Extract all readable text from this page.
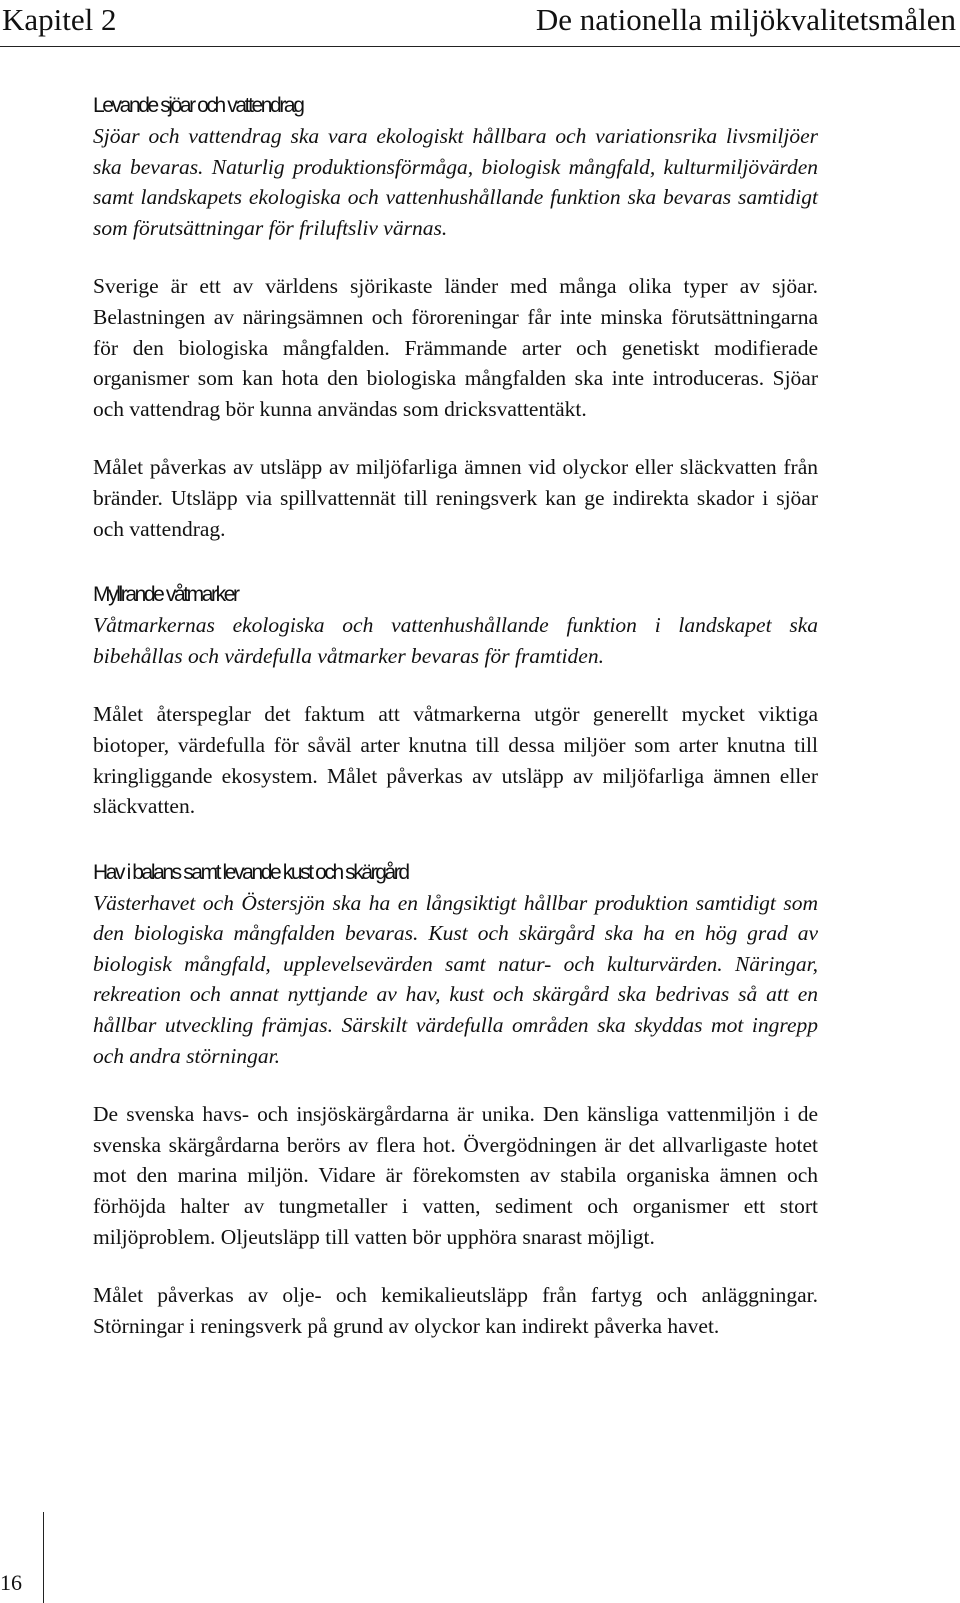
Kapitel 2	De nationella miljökvalitetsmålen
Levande sjöar och vattendrag

Sjöar och vattendrag ska vara ekologiskt hållbara och variationsrika livsmiljöer ska bevaras. Naturlig produktionsförmåga, biologisk mångfald, kulturmiljövärden samt landskapets ekologiska och vattenhushållande funktion ska bevaras samtidigt som förutsättningar för friluftsliv värnas.

Sverige är ett av världens sjörikaste länder med många olika typer av sjöar. Belastningen av näringsämnen och föroreningar får inte minska förutsättningarna för den biologiska mångfalden. Främmande arter och genetiskt modifierade organismer som kan hota den biologiska mångfalden ska inte introduceras. Sjöar och vattendrag bör kunna användas som dricksvattentäkt.

Målet påverkas av utsläpp av miljöfarliga ämnen vid olyckor eller släckvatten från bränder. Utsläpp via spillvattennät till reningsverk kan ge indirekta skador i sjöar och vattendrag.

Myllrande våtmarker

Våtmarkernas ekologiska och vattenhushållande funktion i landskapet ska bibehållas och värdefulla våtmarker bevaras för framtiden.

Målet återspeglar det faktum att våtmarkerna utgör generellt mycket viktiga biotoper, värdefulla för såväl arter knutna till dessa miljöer som arter knutna till kringliggande ekosystem. Målet påverkas av utsläpp av miljöfarliga ämnen eller släckvatten.

Hav i balans samt levande kust och skärgård

Västerhavet och Östersjön ska ha en långsiktigt hållbar produktion samtidigt som den biologiska mångfalden bevaras. Kust och skärgård ska ha en hög grad av biologisk mångfald, upplevelsevärden samt natur- och kulturvärden. Näringar, rekreation och annat nyttjande av hav, kust och skärgård ska bedrivas så att en hållbar utveckling främjas. Särskilt värdefulla områden ska skyddas mot ingrepp och andra störningar.

De svenska havs- och insjöskärgårdarna är unika. Den känsliga vattenmiljön i de svenska skärgårdarna berörs av flera hot. Övergödningen är det allvarligaste hotet mot den marina miljön. Vidare är förekomsten av stabila organiska ämnen och förhöjda halter av tungmetaller i vatten, sediment och organismer ett stort miljöproblem. Oljeutsläpp till vatten bör upphöra snarast möjligt.

Målet påverkas av olje- och kemikalieutsläpp från fartyg och anläggningar. Störningar i reningsverk på grund av olyckor kan indirekt påverka havet.

16
